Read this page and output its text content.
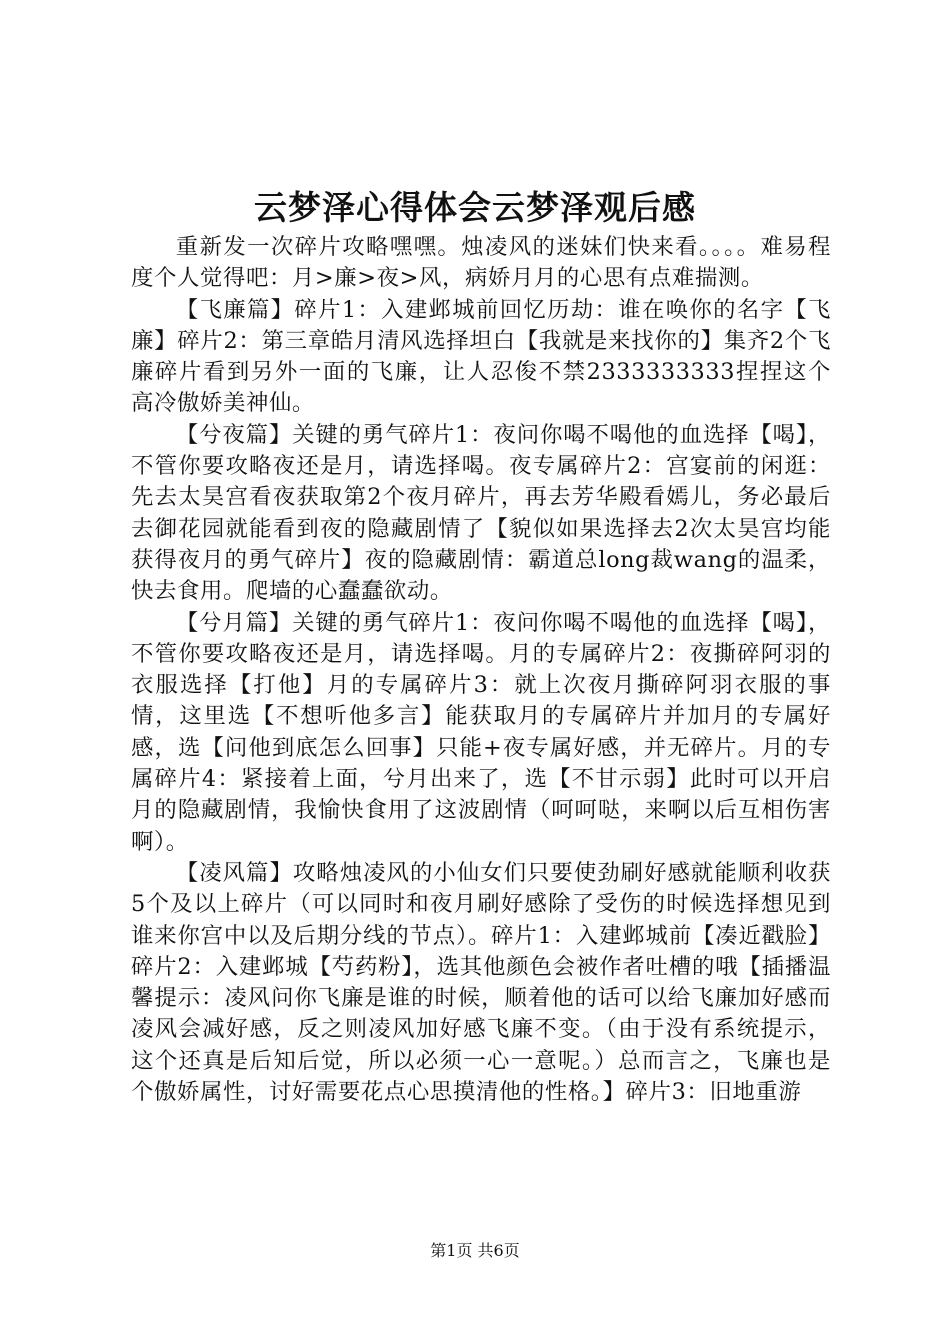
云梦泽心得体会云梦泽观后感

重新发一次碎片攻略嘿嘿。烛凌风的迷妹们快来看。。。。难易程度个人觉得吧：月>廉>夜>风，病娇月月的心思有点难揣测。

【飞廉篇】碎片1：入建邺城前回忆历劫：谁在唤你的名字【飞廉】碎片2：第三章皓月清风选择坦白【我就是来找你的】集齐2个飞廉碎片看到另外一面的飞廉，让人忍俊不禁2333333333捏捏这个高冷傲娇美神仙。

【兮夜篇】关键的勇气碎片1：夜问你喝不喝他的血选择【喝】，不管你要攻略夜还是月，请选择喝。夜专属碎片2：宫宴前的闲逛：先去太昊宫看夜获取第2个夜月碎片，再去芳华殿看嫣儿，务必最后去御花园就能看到夜的隐藏剧情了【貌似如果选择去2次太昊宫均能获得夜月的勇气碎片】夜的隐藏剧情：霸道总long裁wang的温柔，快去食用。爬墙的心蠢蠢欲动。

【兮月篇】关键的勇气碎片1：夜问你喝不喝他的血选择【喝】，不管你要攻略夜还是月，请选择喝。月的专属碎片2：夜撕碎阿羽的衣服选择【打他】月的专属碎片3：就上次夜月撕碎阿羽衣服的事情，这里选【不想听他多言】能获取月的专属碎片并加月的专属好感，选【问他到底怎么回事】只能+夜专属好感，并无碎片。月的专属碎片4：紧接着上面，兮月出来了，选【不甘示弱】此时可以开启月的隐藏剧情，我愉快食用了这波剧情（呵呵哒，来啊以后互相伤害啊）。

【凌风篇】攻略烛凌风的小仙女们只要使劲刷好感就能顺利收获5个及以上碎片（可以同时和夜月刷好感除了受伤的时候选择想见到谁来你宫中以及后期分线的节点）。碎片1：入建邺城前【凑近戳脸】碎片2：入建邺城【芍药粉】，选其他颜色会被作者吐槽的哦【插播温馨提示：凌风问你飞廉是谁的时候，顺着他的话可以给飞廉加好感而凌风会减好感，反之则凌风加好感飞廉不变。（由于没有系统提示，这个还真是后知后觉，所以必须一心一意呢。）总而言之，飞廉也是个傲娇属性，讨好需要花点心思摸清他的性格。】碎片3：旧地重游

第1页 共6页
